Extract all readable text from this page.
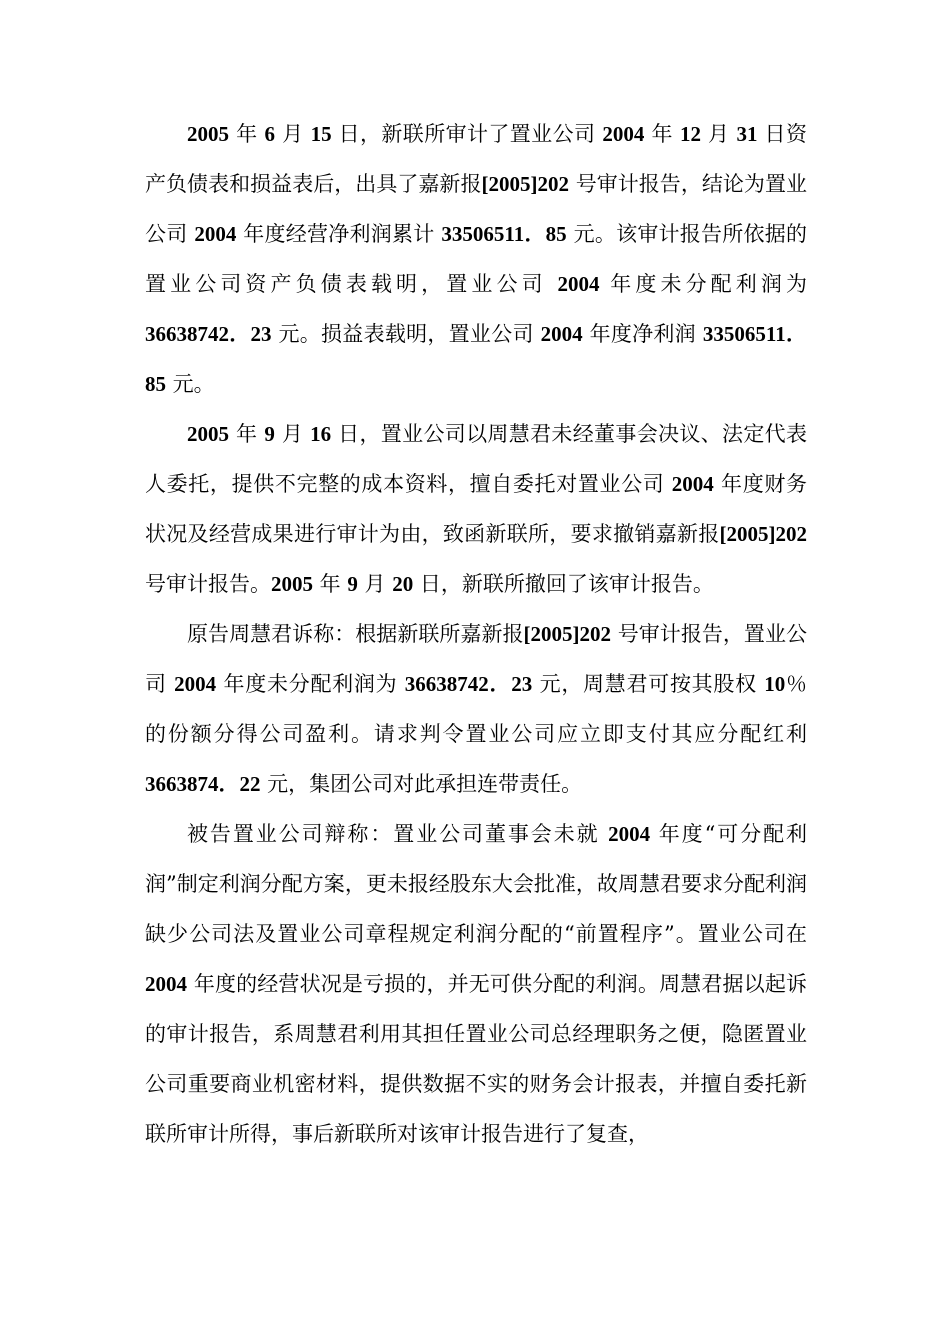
2005 年 6 月 15 日，新联所审计了置业公司 2004 年 12 月 31 日资产负债表和损益表后，出具了嘉新报[2005]202 号审计报告，结论为置业公司 2004 年度经营净利润累计 33506511．85 元。该审计报告所依据的置业公司资产负债表载明，置业公司 2004 年度未分配利润为 36638742．23 元。损益表载明，置业公司 2004 年度净利润 33506511．85 元。

2005 年 9 月 16 日，置业公司以周慧君未经董事会决议、法定代表人委托，提供不完整的成本资料，擅自委托对置业公司 2004 年度财务状况及经营成果进行审计为由，致函新联所，要求撤销嘉新报[2005]202 号审计报告。2005 年 9 月 20 日，新联所撤回了该审计报告。

原告周慧君诉称：根据新联所嘉新报[2005]202 号审计报告，置业公司 2004 年度未分配利润为 36638742．23 元，周慧君可按其股权 10％的份额分得公司盈利。请求判令置业公司应立即支付其应分配红利 3663874．22 元，集团公司对此承担连带责任。

被告置业公司辩称：置业公司董事会未就 2004 年度“可分配利润”制定利润分配方案，更未报经股东大会批准，故周慧君要求分配利润缺少公司法及置业公司章程规定利润分配的“前置程序”。置业公司在 2004 年度的经营状况是亏损的，并无可供分配的利润。周慧君据以起诉的审计报告，系周慧君利用其担任置业公司总经理职务之便，隐匿置业公司重要商业机密材料，提供数据不实的财务会计报表，并擅自委托新联所审计所得，事后新联所对该审计报告进行了复查，
